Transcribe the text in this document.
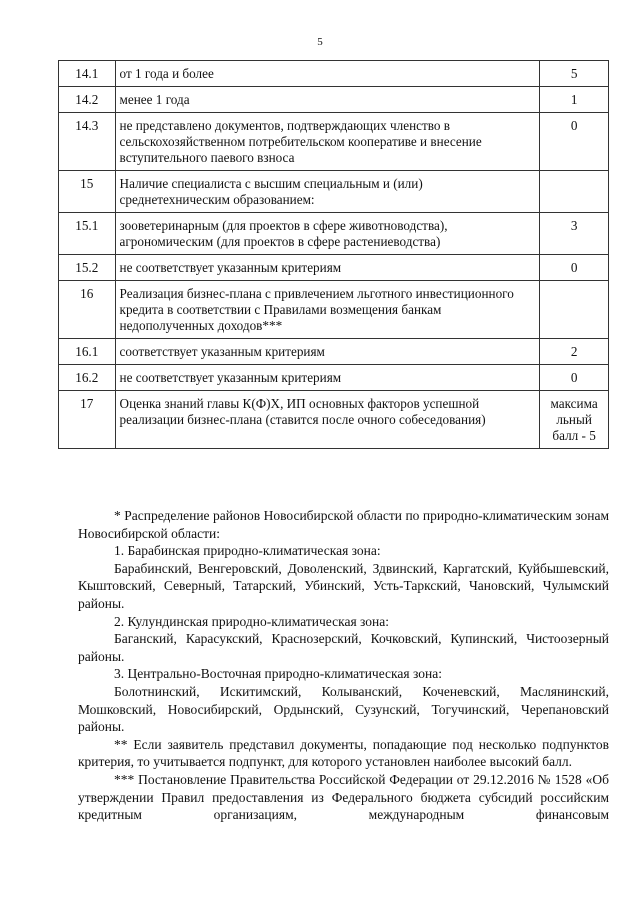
5
14.1	от 1 года и более	5
14.2	менее 1 года	1
14.3	не представлено документов, подтверждающих членство в сельскохозяйственном потребительском кооперативе и внесение вступительного паевого взноса	0
15	Наличие специалиста с высшим специальным и (или) среднетехническим образованием:	
15.1	зооветеринарным (для проектов в сфере животноводства), агрономическим (для проектов в сфере растениеводства)	3
15.2	не соответствует указанным критериям	0
16	Реализация бизнес-плана с привлечением льготного инвестиционного кредита в соответствии с Правилами возмещения банкам недополученных доходов***	
16.1	соответствует указанным критериям	2
16.2	не соответствует указанным критериям	0
17	Оценка знаний главы К(Ф)Х, ИП основных факторов успешной реализации бизнес-плана (ставится после очного собеседования)	максима льный балл - 5

* Распределение районов Новосибирской области по природно-климатическим зонам Новосибирской области:

1. Барабинская природно-климатическая зона:

Барабинский, Венгеровский, Доволенский, Здвинский, Каргатский, Куйбышевский, Кыштовский, Северный, Татарский, Убинский, Усть-Таркский, Чановский, Чулымский районы.

2. Кулундинская природно-климатическая зона:

Баганский, Карасукский, Краснозерский, Кочковский, Купинский, Чистоозерный районы.

3. Центрально-Восточная природно-климатическая зона:

Болотнинский, Искитимский, Колыванский, Коченевский, Маслянинский, Мошковский, Новосибирский, Ордынский, Сузунский, Тогучинский, Черепановский районы.

** Если заявитель представил документы, попадающие под несколько подпунктов критерия, то учитывается подпункт, для которого установлен наиболее высокий балл.

*** Постановление Правительства Российской Федерации от 29.12.2016 № 1528 «Об утверждении Правил предоставления из Федерального бюджета субсидий российским кредитным организациям, международным финансовым
